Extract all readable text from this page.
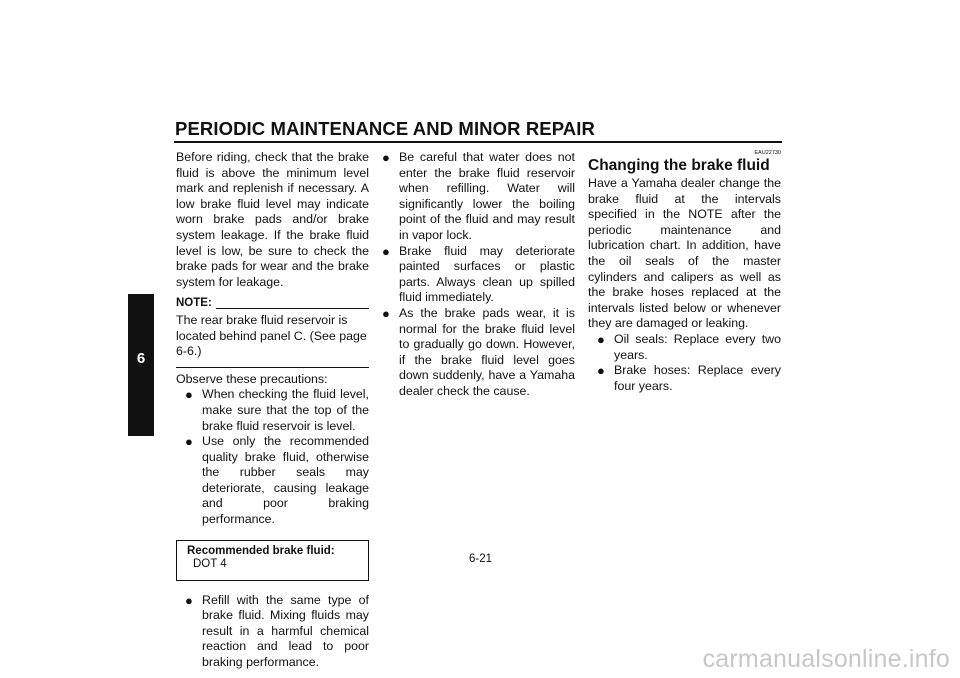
PERIODIC MAINTENANCE AND MINOR REPAIR
6

Before riding, check that the brake fluid is above the minimum level mark and replenish if necessary. A low brake fluid level may indicate worn brake pads and/or brake system leakage. If the brake fluid level is low, be sure to check the brake pads for wear and the brake system for leakage.

NOTE:
The rear brake fluid reservoir is located behind panel C. (See page 6-6.)

Observe these precautions:

● When checking the fluid level, make sure that the top of the brake fluid reservoir is level.
● Use only the recommended quality brake fluid, otherwise the rubber seals may deteriorate, causing leakage and poor braking performance.
Recommended brake fluid:
DOT 4
● Refill with the same type of brake fluid. Mixing fluids may result in a harmful chemical reaction and lead to poor braking performance.
● Be careful that water does not enter the brake fluid reservoir when refilling. Water will significantly lower the boiling point of the fluid and may result in vapor lock.
● Brake fluid may deteriorate painted surfaces or plastic parts. Always clean up spilled fluid immediately.
● As the brake pads wear, it is normal for the brake fluid level to gradually go down. However, if the brake fluid level goes down suddenly, have a Yamaha dealer check the cause.
EAU22730
Changing the brake fluid

Have a Yamaha dealer change the brake fluid at the intervals specified in the NOTE after the periodic maintenance and lubrication chart. In addition, have the oil seals of the master cylinders and calipers as well as the brake hoses replaced at the intervals listed below or whenever they are damaged or leaking.

● Oil seals: Replace every two years.
● Brake hoses: Replace every four years.
6-21
carmanualsonline.info
